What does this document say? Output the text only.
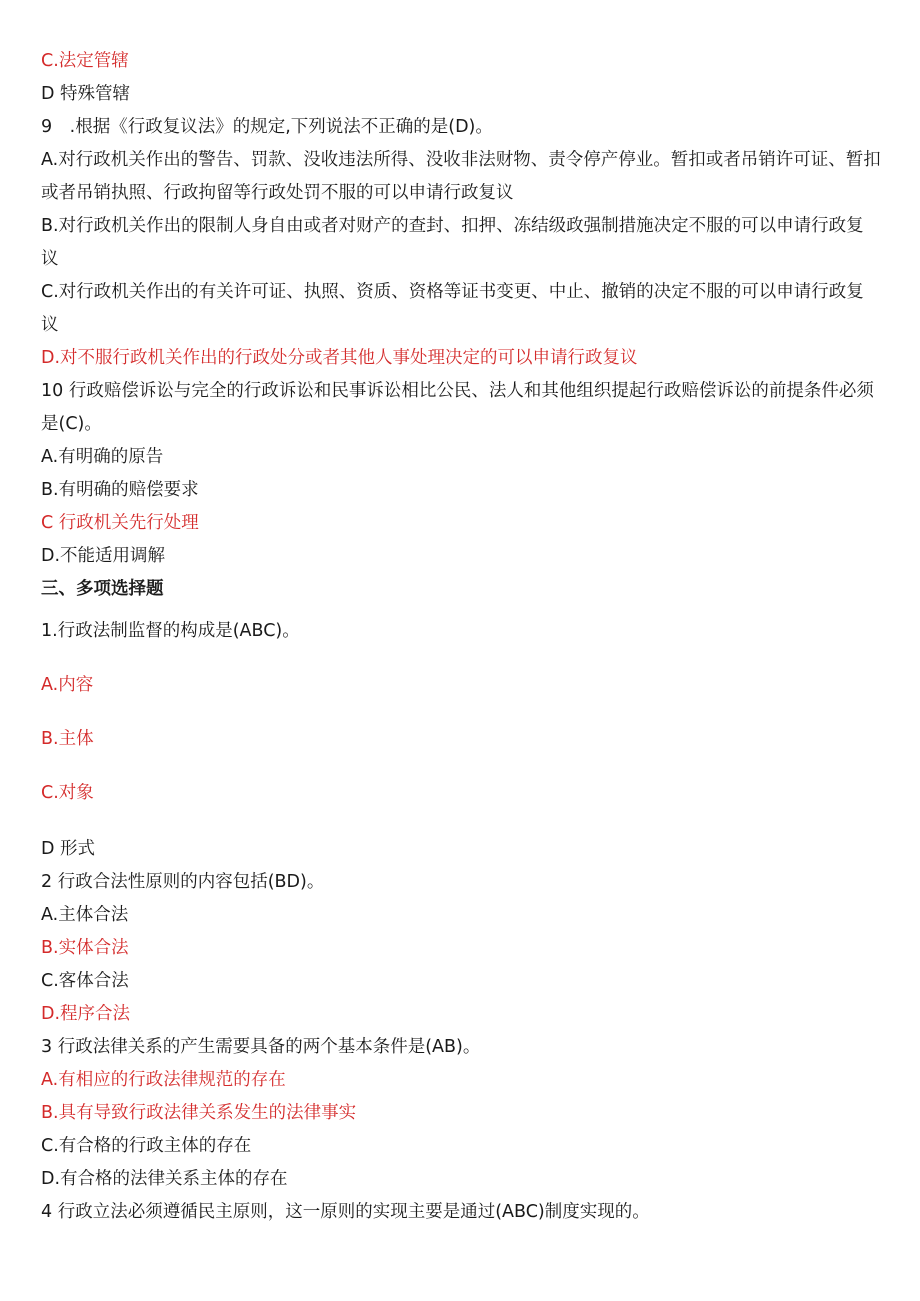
C.法定管辖
D 特殊管辖
9　.根据《行政复议法》的规定,下列说法不正确的是(D)。
A.对行政机关作出的警告、罚款、没收违法所得、没收非法财物、责令停产停业。暂扣或者吊销许可证、暂扣或者吊销执照、行政拘留等行政处罚不服的可以申请行政复议
B.对行政机关作出的限制人身自由或者对财产的查封、扣押、冻结级政强制措施决定不服的可以申请行政复议
C.对行政机关作出的有关许可证、执照、资质、资格等证书变更、中止、撤销的决定不服的可以申请行政复议
D.对不服行政机关作出的行政处分或者其他人事处理决定的可以申请行政复议
10 行政赔偿诉讼与完全的行政诉讼和民事诉讼相比公民、法人和其他组织提起行政赔偿诉讼的前提条件必须是(C)。
A.有明确的原告
B.有明确的赔偿要求
C 行政机关先行处理
D.不能适用调解
三、多项选择题
1.行政法制监督的构成是(ABC)。
A.内容
B.主体
C.对象
D 形式
2 行政合法性原则的内容包括(BD)。
A.主体合法
B.实体合法
C.客体合法
D.程序合法
3 行政法律关系的产生需要具备的两个基本条件是(AB)。
A.有相应的行政法律规范的存在
B.具有导致行政法律关系发生的法律事实
C.有合格的行政主体的存在
D.有合格的法律关系主体的存在
4 行政立法必须遵循民主原则，这一原则的实现主要是通过(ABC)制度实现的。
